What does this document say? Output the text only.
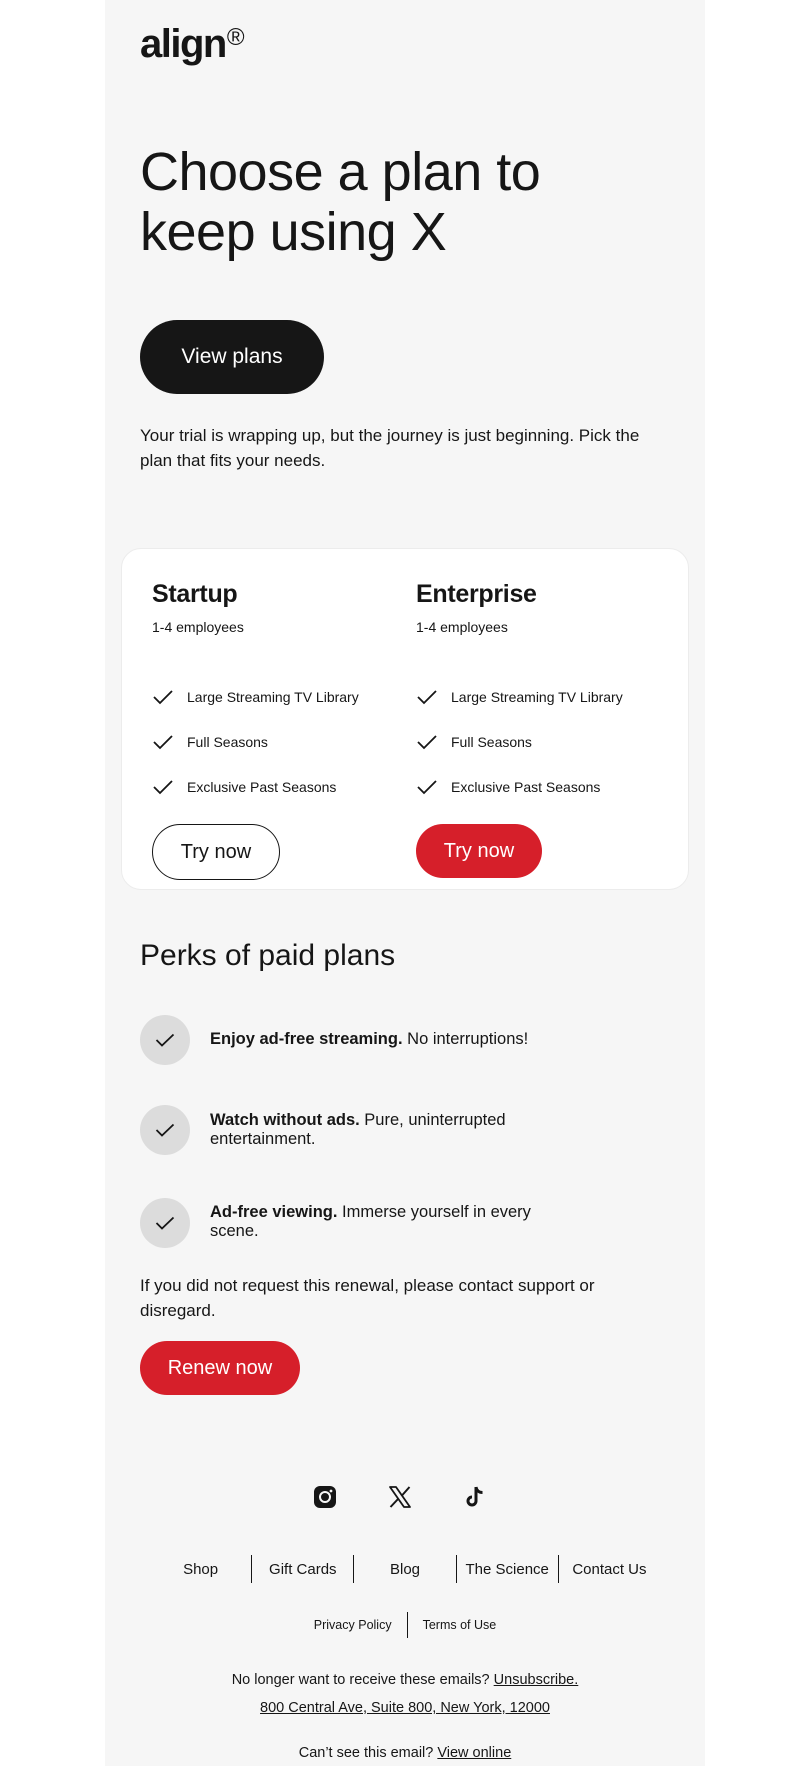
align®
Choose a plan to keep using X
View plans

Your trial is wrapping up, but the journey is just beginning. Pick the plan that fits your needs.

Startup
1-4 employees
Large Streaming TV Library
Full Seasons
Exclusive Past Seasons
Try now
Enterprise
1-4 employees
Large Streaming TV Library
Full Seasons
Exclusive Past Seasons
Try now
Perks of paid plans
Enjoy ad-free streaming. No interruptions!
Watch without ads. Pure, uninterrupted entertainment.
Ad-free viewing. Immerse yourself in every scene.

If you did not request this renewal, please contact support or disregard.

Renew now
Shop	Gift Cards	Blog	The Science	Contact Us
Privacy Policy	Terms of Use
No longer want to receive these emails? Unsubscribe.
800 Central Ave, Suite 800, New York, 12000
Can’t see this email? View online
